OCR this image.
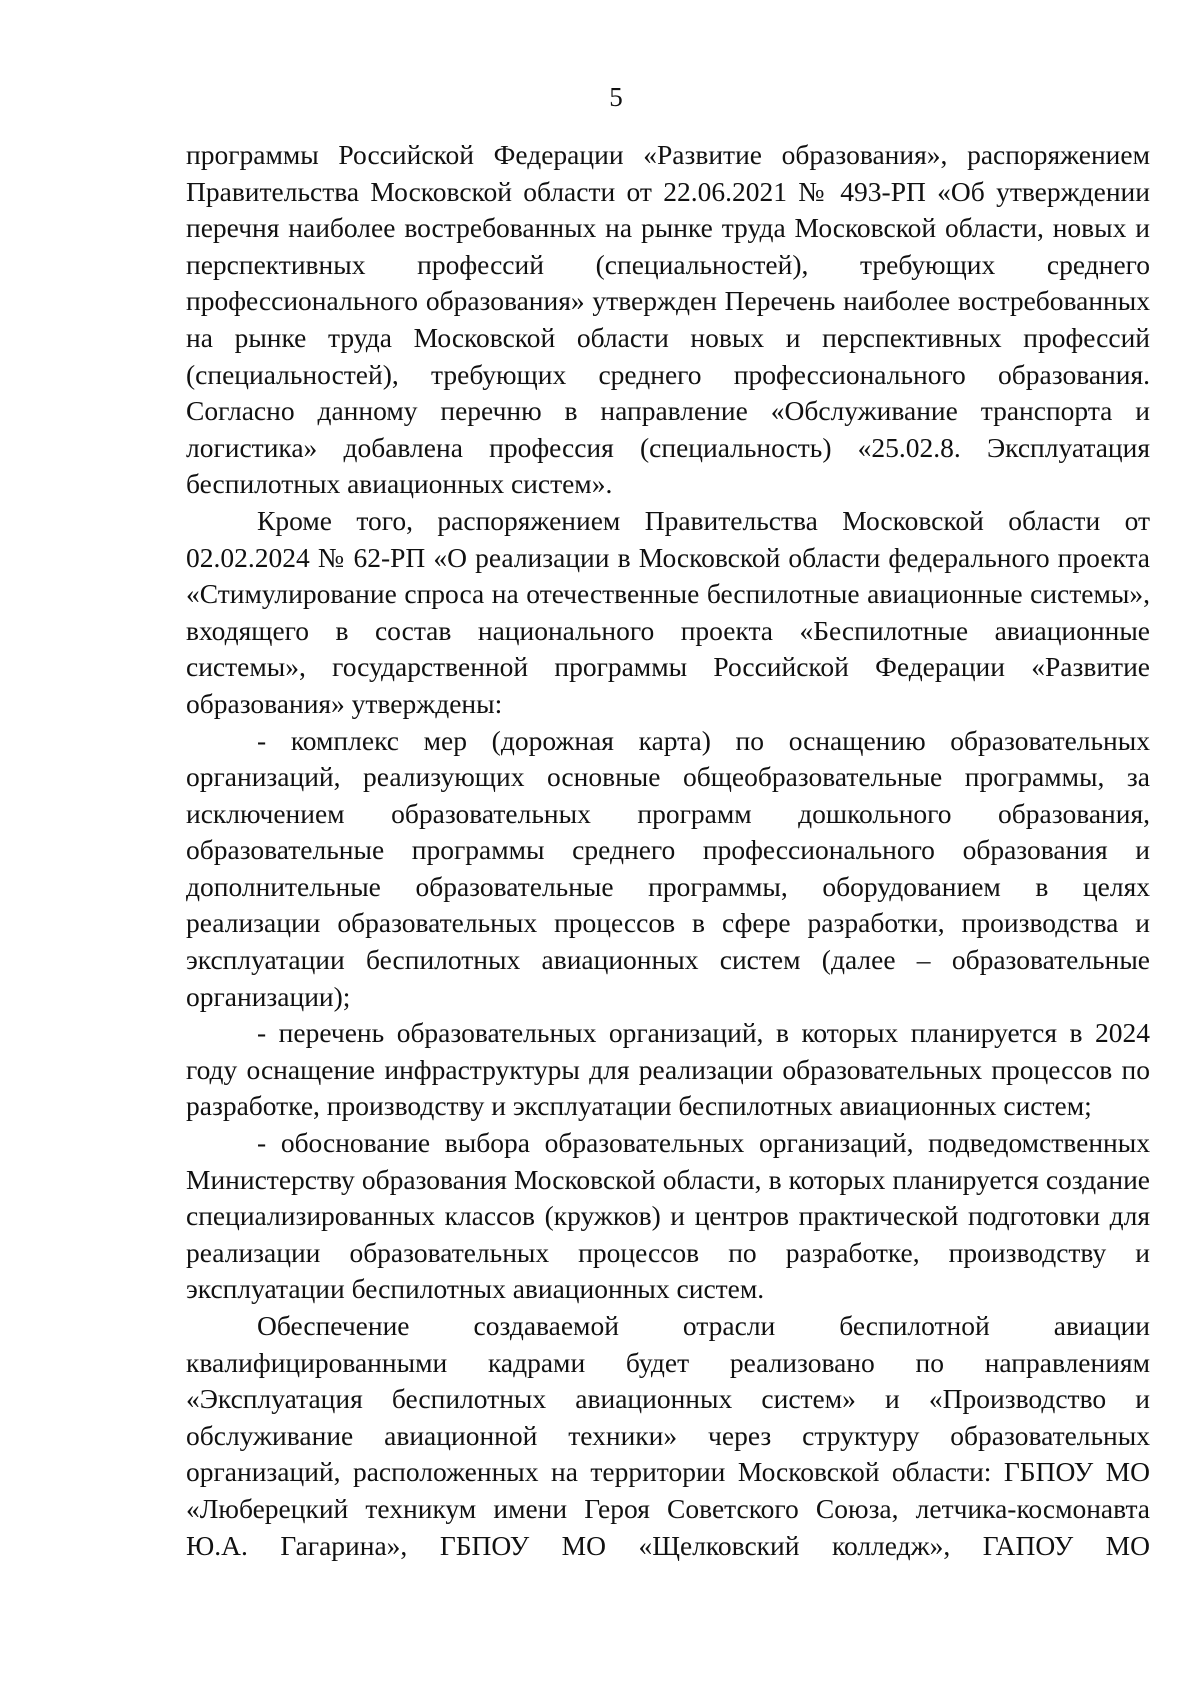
5

программы Российской Федерации «Развитие образования», распоряжением Правительства Московской области от 22.06.2021 № 493-РП «Об утверждении перечня наиболее востребованных на рынке труда Московской области, новых и перспективных профессий (специальностей), требующих среднего профессионального образования» утвержден Перечень наиболее востребованных на рынке труда Московской области новых и перспективных профессий (специальностей), требующих среднего профессионального образования. Согласно данному перечню в направление «Обслуживание транспорта и логистика» добавлена профессия (специальность) «25.02.8. Эксплуатация беспилотных авиационных систем».

Кроме того, распоряжением Правительства Московской области от 02.02.2024 № 62-РП «О реализации в Московской области федерального проекта «Стимулирование спроса на отечественные беспилотные авиационные системы», входящего в состав национального проекта «Беспилотные авиационные системы», государственной программы Российской Федерации «Развитие образования» утверждены:

- комплекс мер (дорожная карта) по оснащению образовательных организаций, реализующих основные общеобразовательные программы, за исключением образовательных программ дошкольного образования, образовательные программы среднего профессионального образования и дополнительные образовательные программы, оборудованием в целях реализации образовательных процессов в сфере разработки, производства и эксплуатации беспилотных авиационных систем (далее – образовательные организации);

- перечень образовательных организаций, в которых планируется в 2024 году оснащение инфраструктуры для реализации образовательных процессов по разработке, производству и эксплуатации беспилотных авиационных систем;

- обоснование выбора образовательных организаций, подведомственных Министерству образования Московской области, в которых планируется создание специализированных классов (кружков) и центров практической подготовки для реализации образовательных процессов по разработке, производству и эксплуатации беспилотных авиационных систем.

Обеспечение создаваемой отрасли беспилотной авиации квалифицированными кадрами будет реализовано по направлениям «Эксплуатация беспилотных авиационных систем» и «Производство и обслуживание авиационной техники» через структуру образовательных организаций, расположенных на территории Московской области: ГБПОУ МО «Люберецкий техникум имени Героя Советского Союза, летчика-космонавта Ю.А. Гагарина», ГБПОУ МО «Щелковский колледж», ГАПОУ МО
